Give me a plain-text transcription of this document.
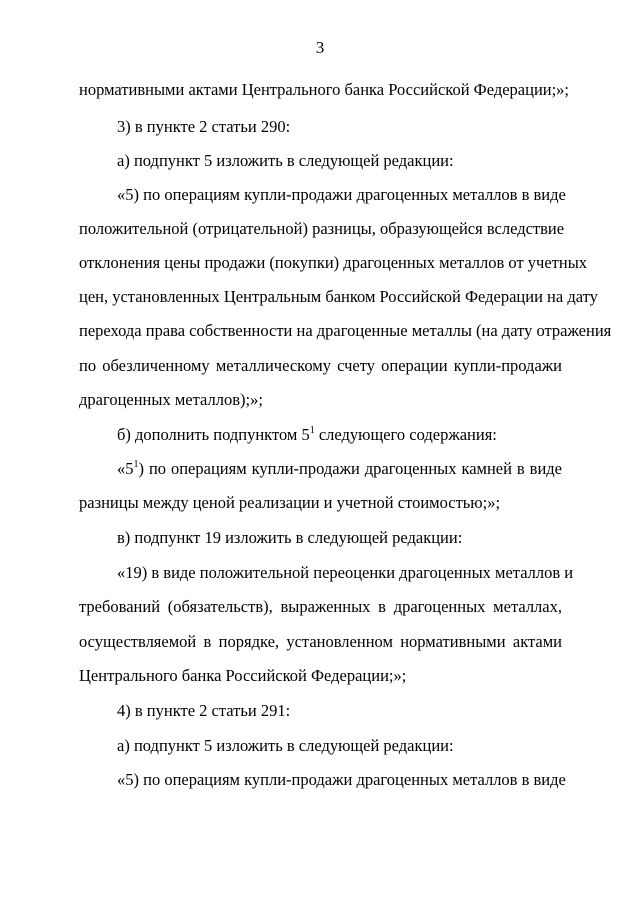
3
нормативными актами Центрального банка Российской Федерации;»;
3) в пункте 2 статьи 290:
а) подпункт 5 изложить в следующей редакции:
«5) по операциям купли-продажи драгоценных металлов в виде
положительной (отрицательной) разницы, образующейся вследствие
отклонения цены продажи (покупки) драгоценных металлов от учетных
цен, установленных Центральным банком Российской Федерации на дату
перехода права собственности на драгоценные металлы (на дату отражения
по обезличенному металлическому счету операции купли-продажи
драгоценных металлов);»;
б) дополнить подпунктом $5^1$ следующего содержания:
«$5^1$) по операциям купли-продажи драгоценных камней в виде
разницы между ценой реализации и учетной стоимостью;»;
в) подпункт 19 изложить в следующей редакции:
«19) в виде положительной переоценки драгоценных металлов и
требований (обязательств), выраженных в драгоценных металлах,
осуществляемой в порядке, установленном нормативными актами
Центрального банка Российской Федерации;»;
4) в пункте 2 статьи 291:
а) подпункт 5 изложить в следующей редакции:
«5) по операциям купли-продажи драгоценных металлов в виде
